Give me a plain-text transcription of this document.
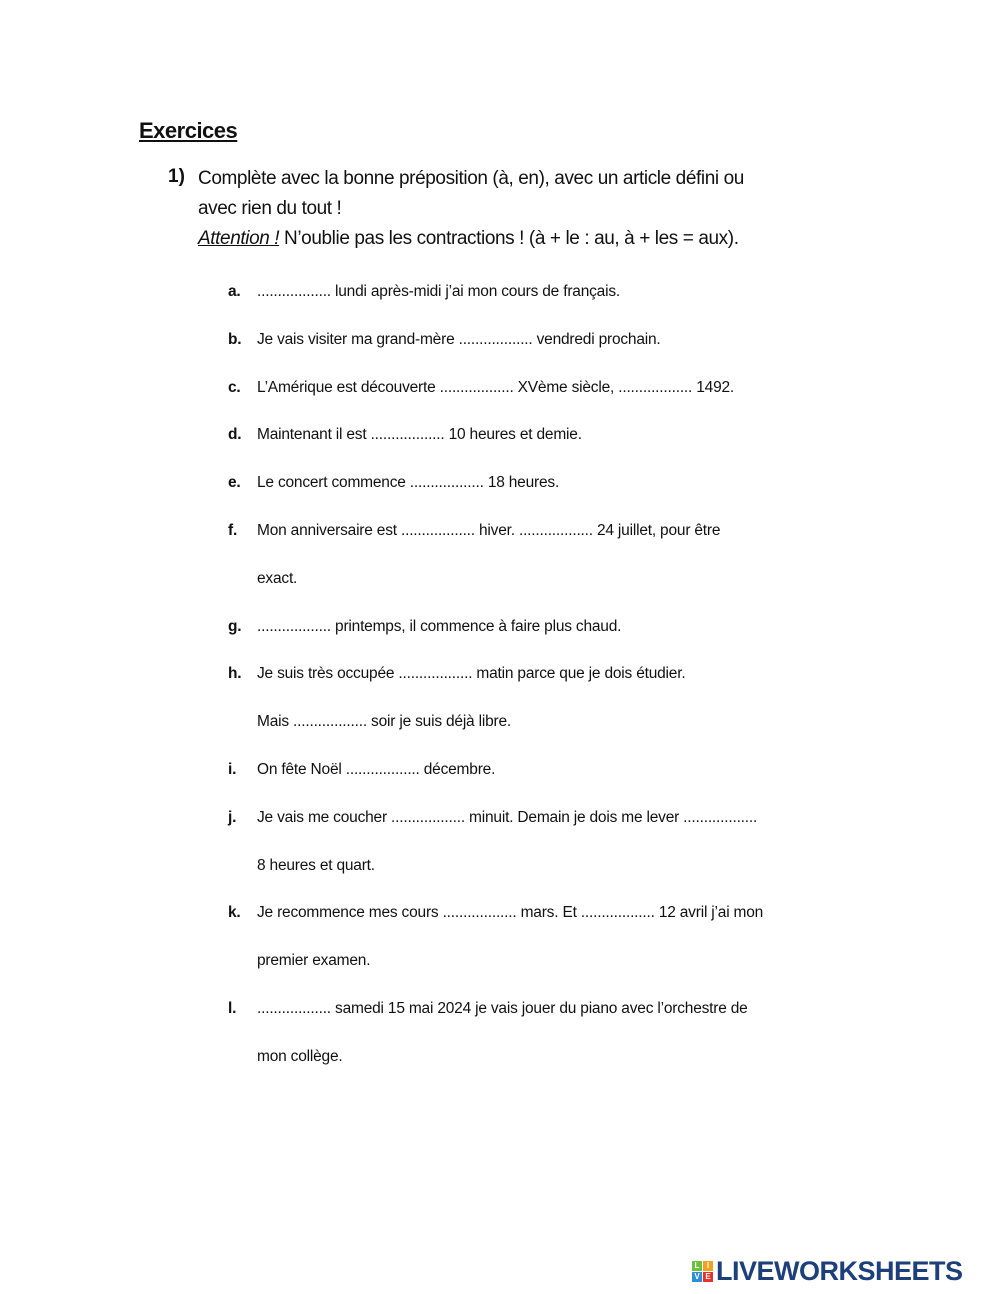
Exercices
1) Complète avec la bonne préposition (à, en), avec un article défini ou
avec rien du tout !
Attention ! N’oublie pas les contractions ! (à + le : au, à + les = aux).
a. .................. lundi après-midi j’ai mon cours de français.
b. Je vais visiter ma grand-mère .................. vendredi prochain.
c. L’Amérique est découverte .................. XVème siècle, .................. 1492.
d. Maintenant il est .................. 10 heures et demie.
e. Le concert commence .................. 18 heures.
f. Mon anniversaire est .................. hiver. .................. 24 juillet, pour être
exact.
g. .................. printemps, il commence à faire plus chaud.
h. Je suis très occupée .................. matin parce que je dois étudier.
Mais .................. soir je suis déjà libre.
i. On fête Noël .................. décembre.
j. Je vais me coucher .................. minuit. Demain je dois me lever ..................
8 heures et quart.
k. Je recommence mes cours .................. mars. Et .................. 12 avril j’ai mon
premier examen.
l. .................. samedi 15 mai 2024 je vais jouer du piano avec l’orchestre de
mon collège.
L I
V E LIVEWORKSHEETS
